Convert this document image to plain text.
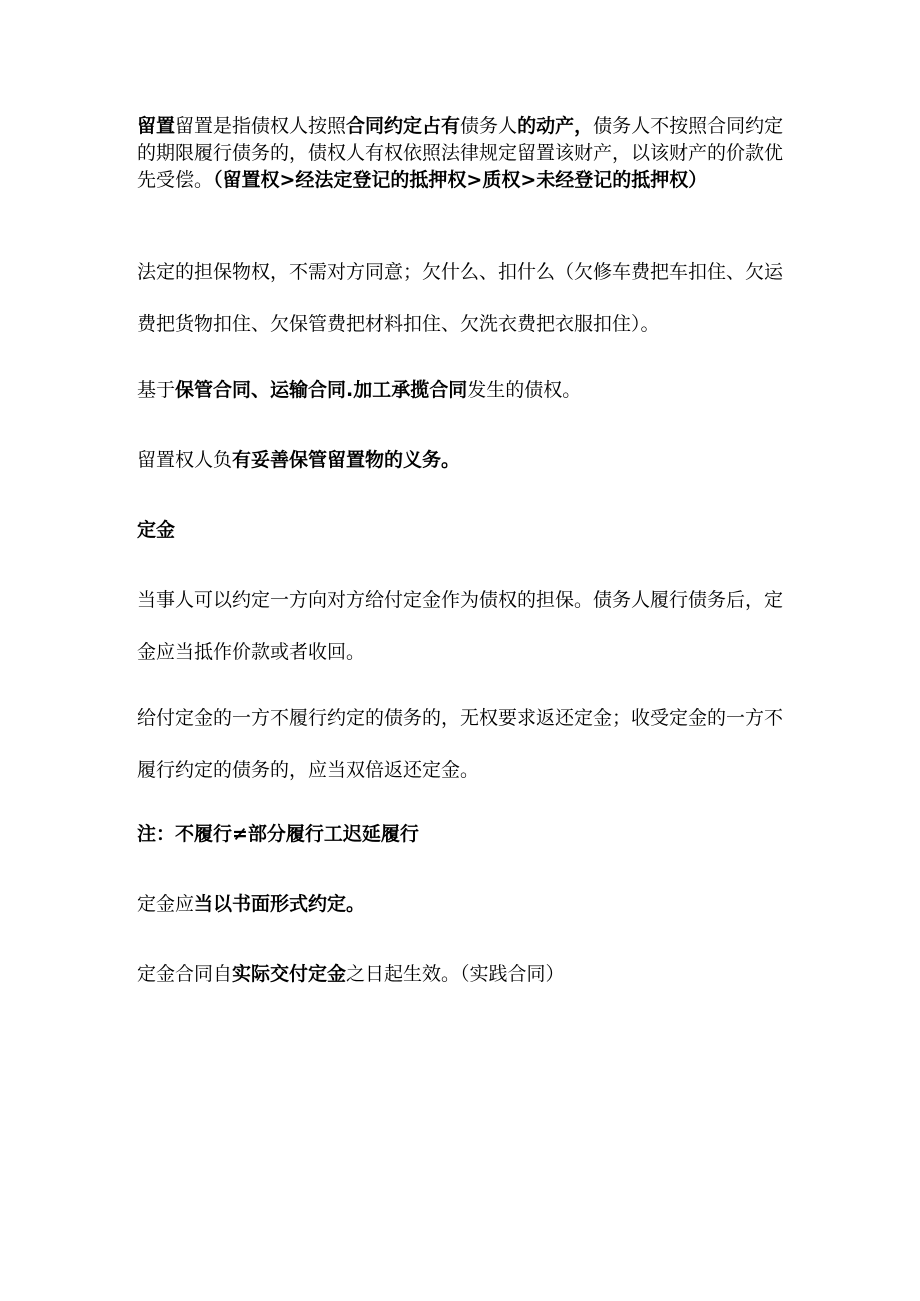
留置留置是指债权人按照合同约定占有债务人的动产，债务人不按照合同约定的期限履行债务的，债权人有权依照法律规定留置该财产，以该财产的价款优先受偿。（留置权>经法定登记的抵押权>质权>未经登记的抵押权）

法定的担保物权，不需对方同意；欠什么、扣什么（欠修车费把车扣住、欠运费把货物扣住、欠保管费把材料扣住、欠洗衣费把衣服扣住）。

基于保管合同、运输合同.加工承揽合同发生的债权。

留置权人负有妥善保管留置物的义务。

定金

当事人可以约定一方向对方给付定金作为债权的担保。债务人履行债务后，定金应当抵作价款或者收回。

给付定金的一方不履行约定的债务的，无权要求返还定金；收受定金的一方不履行约定的债务的，应当双倍返还定金。

注：不履行≠部分履行工迟延履行

定金应当以书面形式约定。

定金合同自实际交付定金之日起生效。（实践合同）
